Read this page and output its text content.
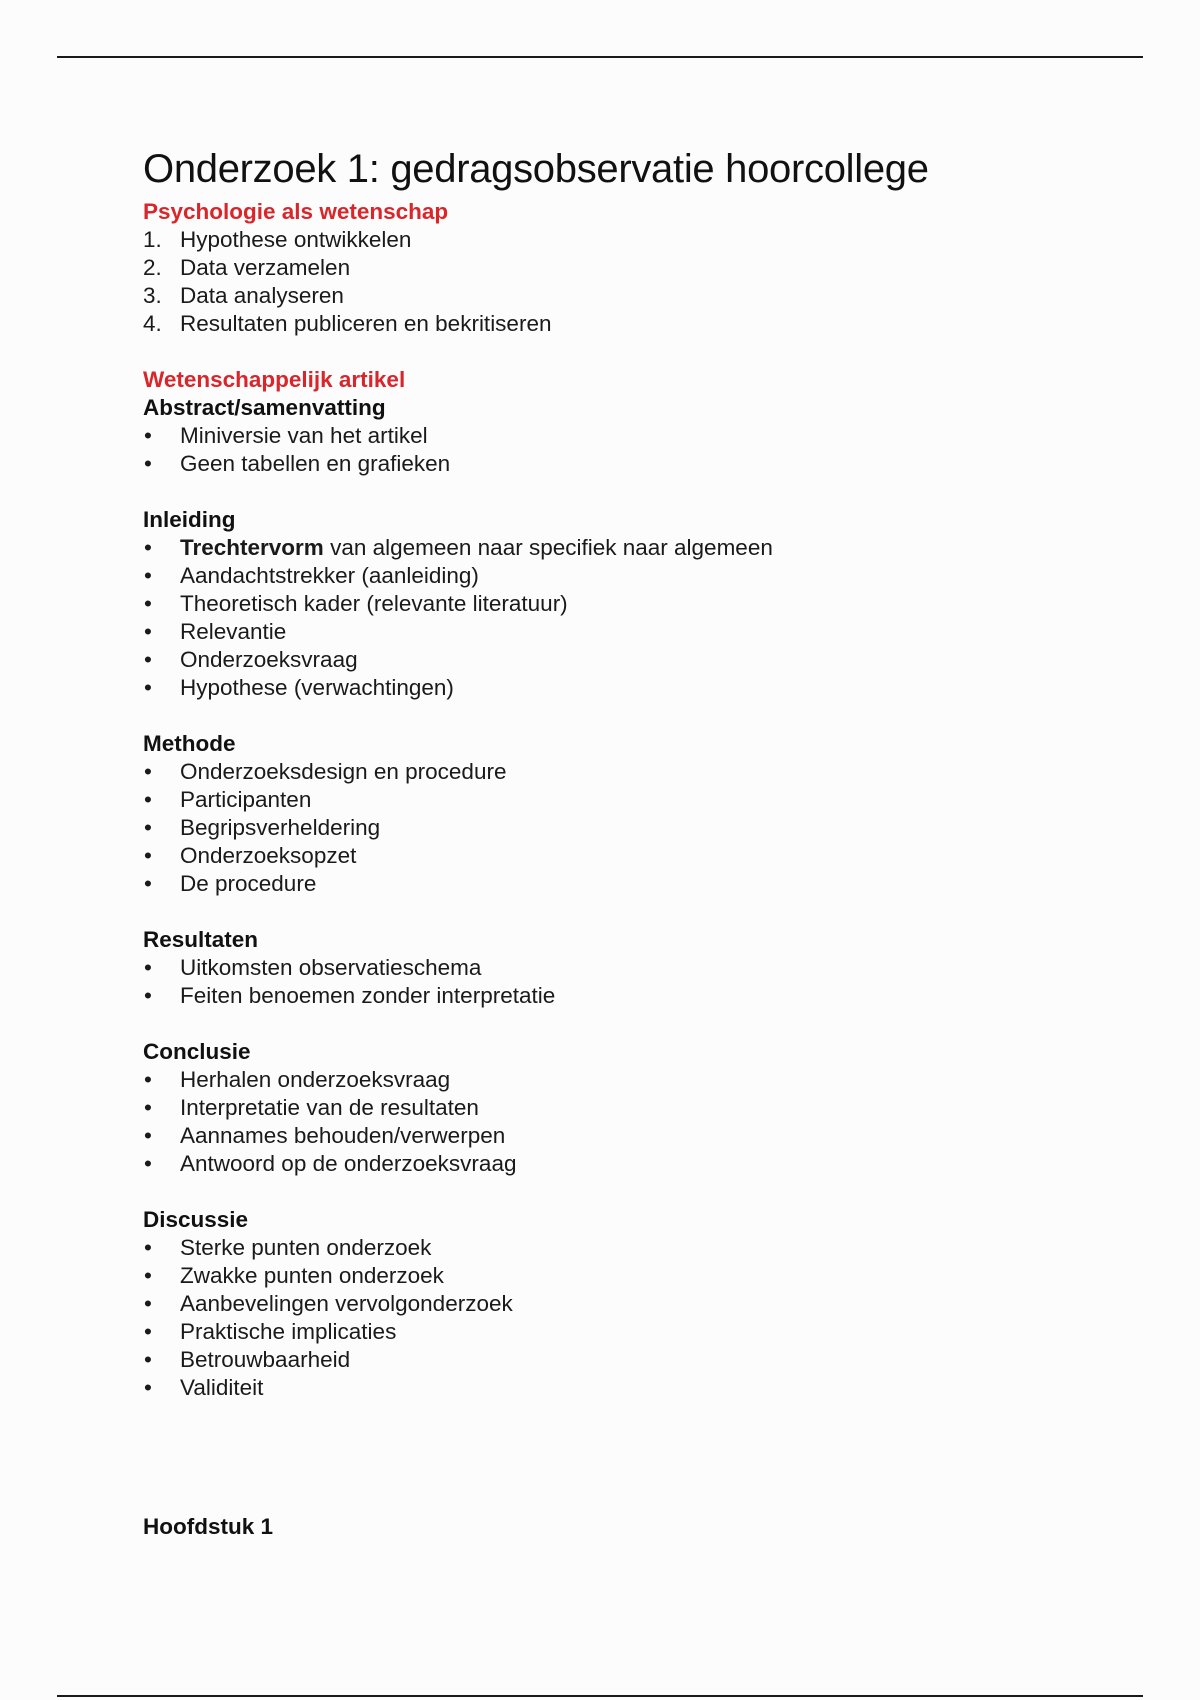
Onderzoek 1: gedragsobservatie hoorcollege

Psychologie als wetenschap

1. Hypothese ontwikkelen
2. Data verzamelen
3. Data analyseren
4. Resultaten publiceren en bekritiseren

Wetenschappelijk artikel

Abstract/samenvatting

• Miniversie van het artikel
• Geen tabellen en grafieken

Inleiding

• Trechtervorm van algemeen naar specifiek naar algemeen
• Aandachtstrekker (aanleiding)
• Theoretisch kader (relevante literatuur)
• Relevantie
• Onderzoeksvraag
• Hypothese (verwachtingen)

Methode

• Onderzoeksdesign en procedure
• Participanten
• Begripsverheldering
• Onderzoeksopzet
• De procedure

Resultaten

• Uitkomsten observatieschema
• Feiten benoemen zonder interpretatie

Conclusie

• Herhalen onderzoeksvraag
• Interpretatie van de resultaten
• Aannames behouden/verwerpen
• Antwoord op de onderzoeksvraag

Discussie

• Sterke punten onderzoek
• Zwakke punten onderzoek
• Aanbevelingen vervolgonderzoek
• Praktische implicaties
• Betrouwbaarheid
• Validiteit

Hoofdstuk 1
